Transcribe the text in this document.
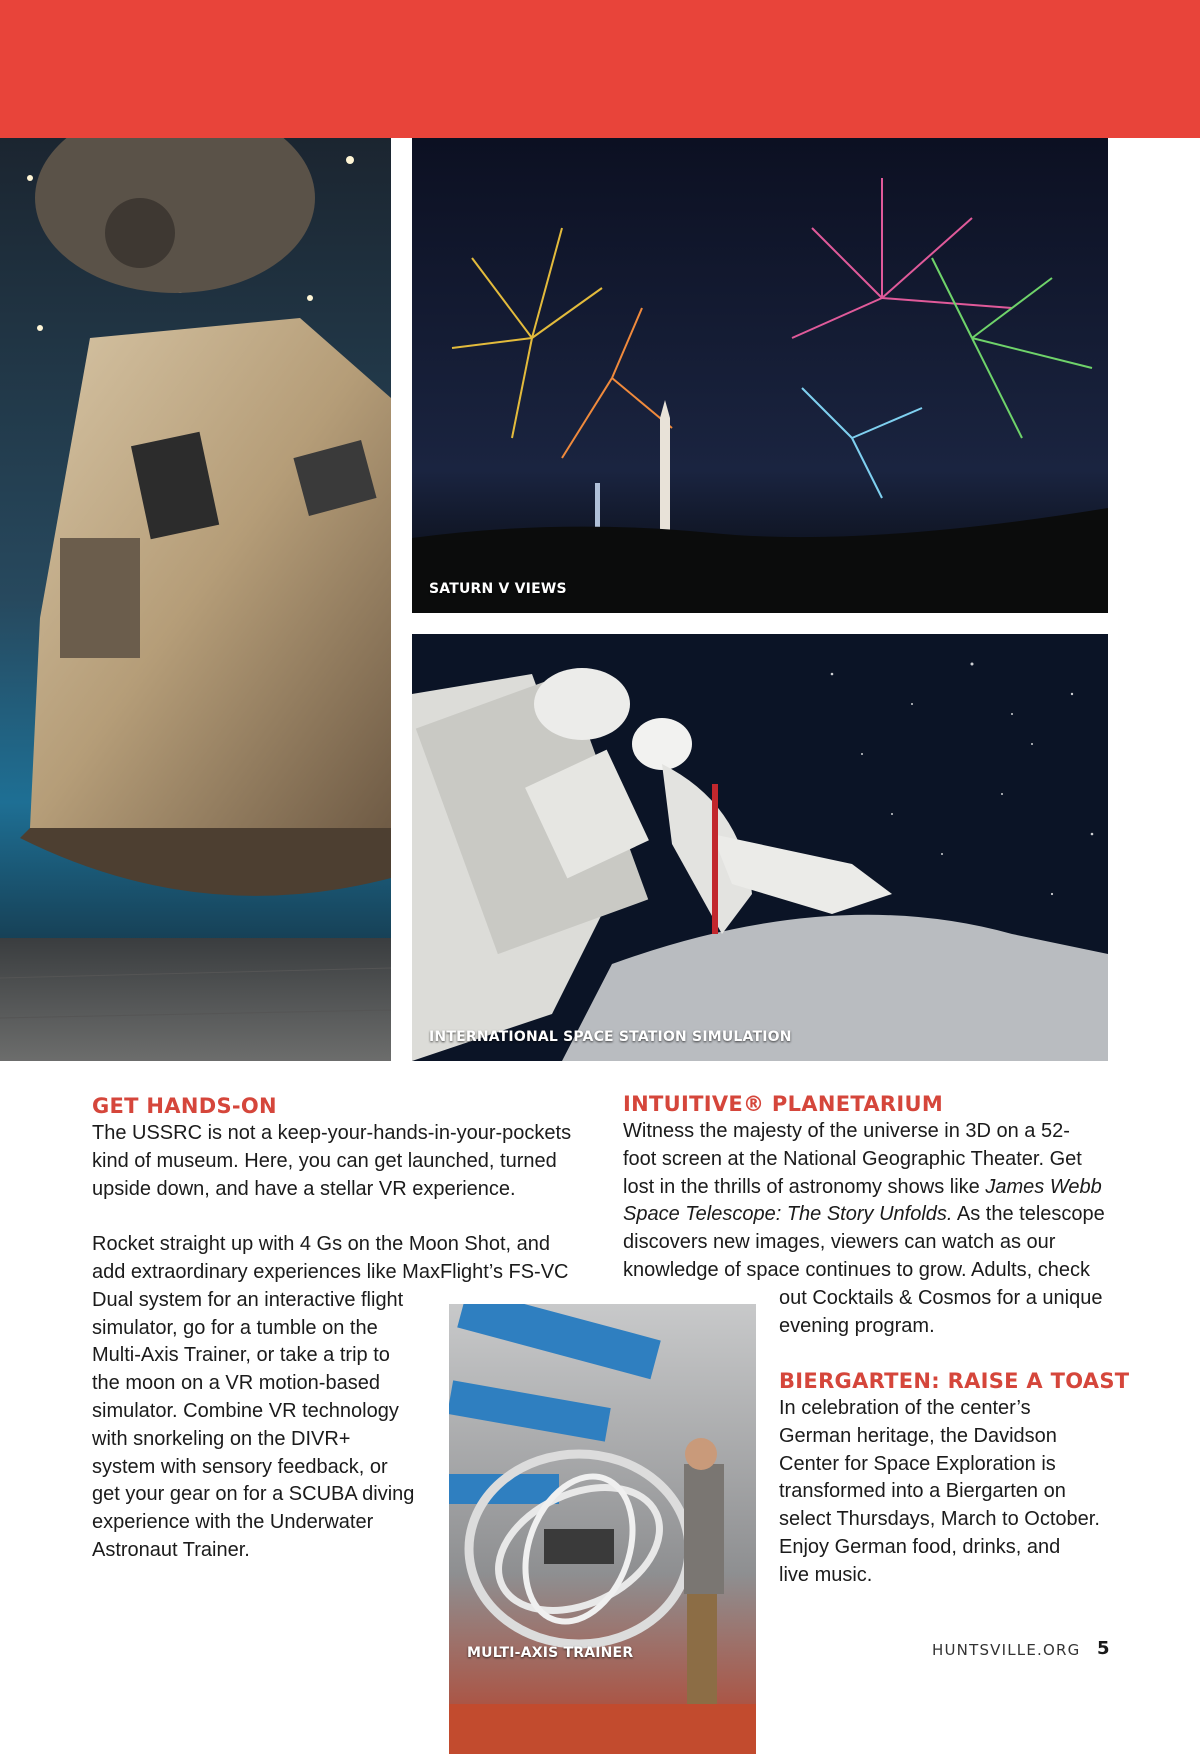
SATURN V VIEWS
INTERNATIONAL SPACE STATION SIMULATION
MULTI-AXIS TRAINER
GET HANDS-ON
The USSRC is not a keep-your-hands-in-your-pockets
kind of museum. Here, you can get launched, turned
upside down, and have a stellar VR experience.
Rocket straight up with 4 Gs on the Moon Shot, and
add extraordinary experiences like MaxFlight’s FS-VC
Dual system for an interactive flight
simulator, go for a tumble on the
Multi-Axis Trainer, or take a trip to
the moon on a VR motion-based
simulator. Combine VR technology
with snorkeling on the DIVR+
system with sensory feedback, or
get your gear on for a SCUBA diving
experience with the Underwater
Astronaut Trainer.
INTUITIVE® PLANETARIUM
Witness the majesty of the universe in 3D on a 52-
foot screen at the National Geographic Theater. Get
lost in the thrills of astronomy shows like James Webb
Space Telescope: The Story Unfolds. As the telescope
discovers new images, viewers can watch as our
knowledge of space continues to grow. Adults, check
out Cocktails & Cosmos for a unique
evening program.
BIERGARTEN: RAISE A TOAST
In celebration of the center’s
German heritage, the Davidson
Center for Space Exploration is
transformed into a Biergarten on
select Thursdays, March to October.
Enjoy German food, drinks, and
live music.
HUNTSVILLE.ORG 5
